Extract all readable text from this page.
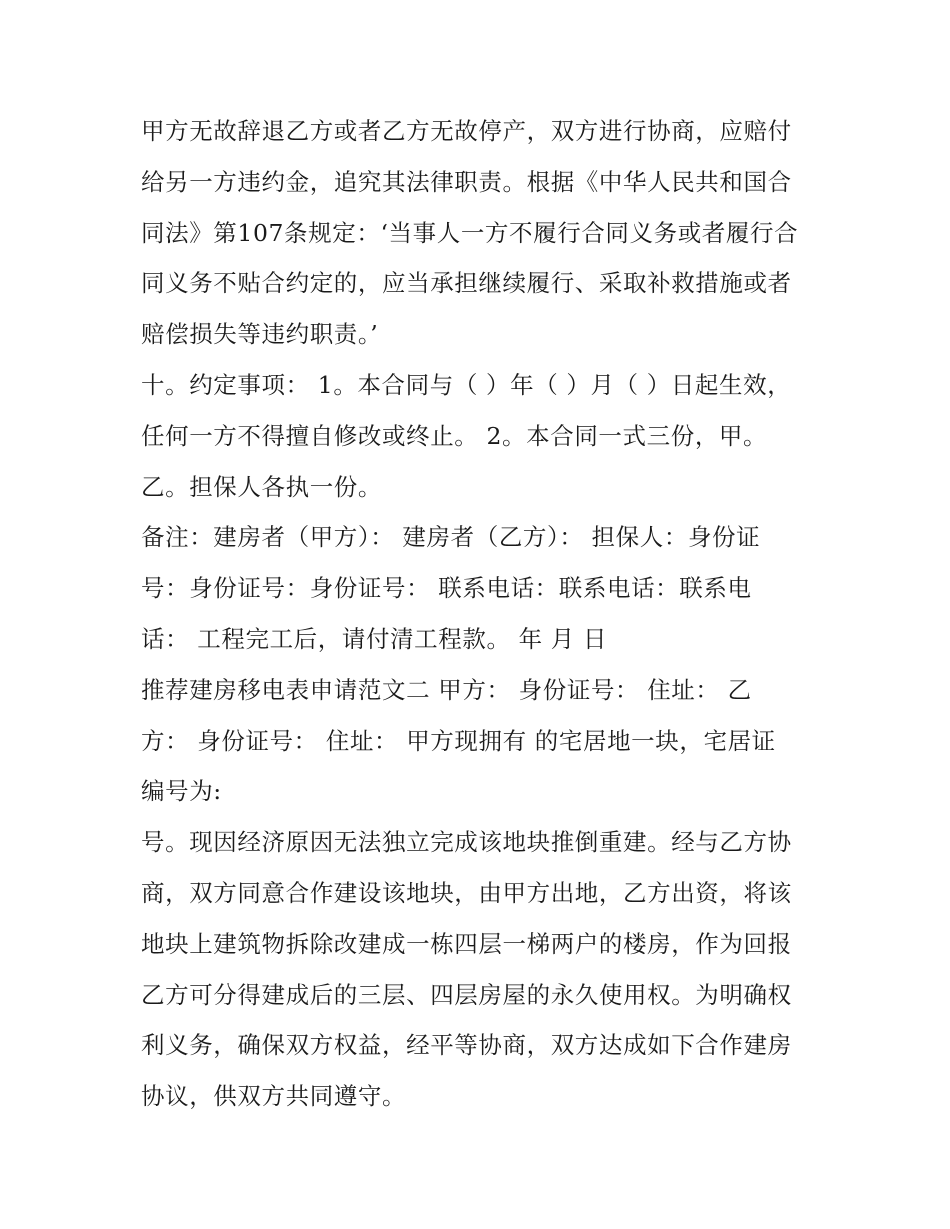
甲方无故辞退乙方或者乙方无故停产，双方进行协商，应赔付
给另一方违约金，追究其法律职责。根据《中华人民共和国合
同法》第107条规定：‘当事人一方不履行合同义务或者履行合
同义务不贴合约定的，应当承担继续履行、采取补救措施或者
赔偿损失等违约职责。’
十。约定事项： 1。本合同与（ ）年（ ）月（ ）日起生效，
任何一方不得擅自修改或终止。 2。本合同一式三份，甲。
乙。担保人各执一份。
备注：建房者（甲方）： 建房者（乙方）： 担保人：身份证
号：身份证号：身份证号： 联系电话：联系电话：联系电
话： 工程完工后，请付清工程款。 年 月 日
推荐建房移电表申请范文二 甲方： 身份证号： 住址： 乙
方： 身份证号： 住址： 甲方现拥有 的宅居地一块，宅居证
编号为:
号。现因经济原因无法独立完成该地块推倒重建。经与乙方协
商，双方同意合作建设该地块，由甲方出地，乙方出资，将该
地块上建筑物拆除改建成一栋四层一梯两户的楼房，作为回报
乙方可分得建成后的三层、四层房屋的永久使用权。为明确权
利义务，确保双方权益，经平等协商，双方达成如下合作建房
协议，供双方共同遵守。
